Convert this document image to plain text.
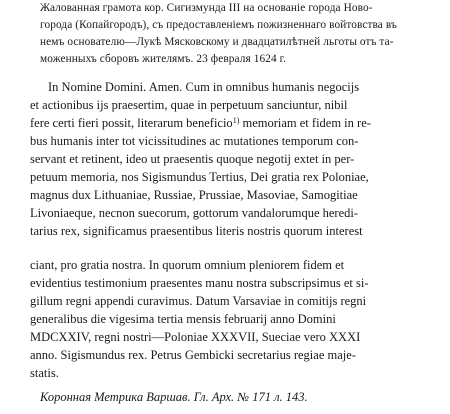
Жалованная грамота кор. Сигизмунда III на основаніе города Ново-
города (Копайгородъ), съ предоставленіемъ пожизненнаго войтовства въ
немъ основателю—Лукѣ Мясковскому и двадцатилѣтней льготы отъ та-
моженныхъ сборовъ жителямъ. 23 февраля 1624 г.
In Nomine Domini. Amen. Cum in omnibus humanis negocijs
et actionibus ijs praesertim, quae in perpetuum sanciuntur, nibil
fere certi fieri possit, literarum beneficio$^{1)}$ memoriam et fidem in re-
bus humanis inter tot vicissitudines ac mutationes temporum con-
servant et retinent, ideo ut praesentis quoque negotij extet in per-
petuum memoria, nos Sigismundus Tertius, Dei gratia rex Poloniae,
magnus dux Lithuaniae, Russiae, Prussiae, Masoviae, Samogitiae
Livoniaeque, necnon suecorum, gottorum vandalorumque heredi-
tarius rex, significamus praesentibus literis nostris quorum interest
ciant, pro gratia nostra. In quorum omnium pleniorem fidem et
evidentius testimonium praesentes manu nostra subscripsimus et si-
gillum regni appendi curavimus. Datum Varsaviae in comitijs regni
generalibus die vigesima tertia mensis februarij anno Domini
MDCXXIV, regni nostri—Poloniae XXXVII, Sueciae vero XXXI
anno. Sigismundus rex. Petrus Gembicki secretarius regiae maje-
statis.
Коронная Метрика Варшав. Гл. Арх. № 171 л. 143.
